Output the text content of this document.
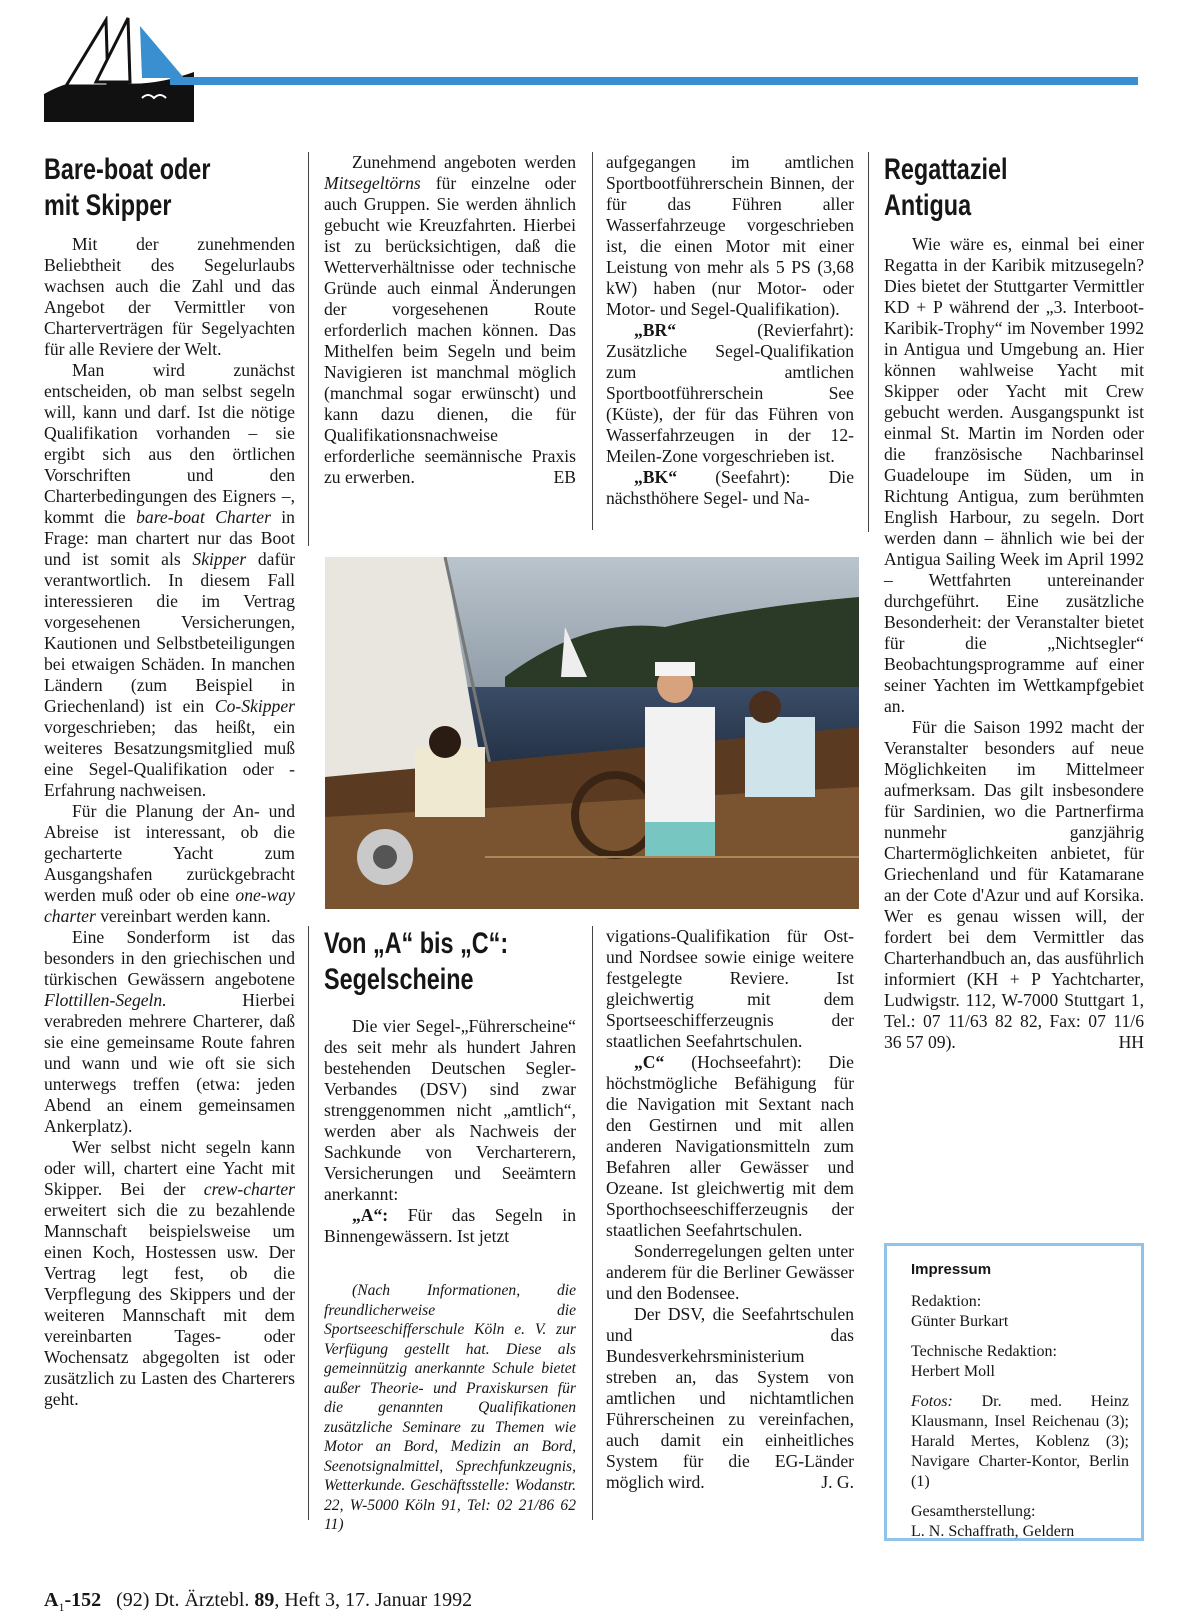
Bare-boat oder
mit Skipper

Mit der zunehmenden Beliebtheit des Segelurlaubs wachsen auch die Zahl und das Angebot der Vermittler von Charterverträgen für Segelyachten für alle Reviere der Welt.

Man wird zunächst entscheiden, ob man selbst segeln will, kann und darf. Ist die nötige Qualifikation vorhanden – sie ergibt sich aus den örtlichen Vorschriften und den Charterbedingungen des Eigners –, kommt die bare-boat Charter in Frage: man chartert nur das Boot und ist somit als Skipper dafür verantwortlich. In diesem Fall interessieren die im Vertrag vorgesehenen Versicherungen, Kautionen und Selbstbeteiligungen bei etwaigen Schäden. In manchen Ländern (zum Beispiel in Griechenland) ist ein Co-Skipper vorgeschrieben; das heißt, ein weiteres Besatzungsmitglied muß eine Segel-Qualifikation oder -Erfahrung nachweisen.

Für die Planung der An- und Abreise ist interessant, ob die gecharterte Yacht zum Ausgangshafen zurückgebracht werden muß oder ob eine one-way charter vereinbart werden kann.

Eine Sonderform ist das besonders in den griechischen und türkischen Gewässern angebotene Flottillen-Segeln. Hierbei verabreden mehrere Charterer, daß sie eine gemeinsame Route fahren und wann und wie oft sie sich unterwegs treffen (etwa: jeden Abend an einem gemeinsamen Ankerplatz).

Wer selbst nicht segeln kann oder will, chartert eine Yacht mit Skipper. Bei der crew-charter erweitert sich die zu bezahlende Mannschaft beispielsweise um einen Koch, Hostessen usw. Der Vertrag legt fest, ob die Verpflegung des Skippers und der weiteren Mannschaft mit dem vereinbarten Tages- oder Wochensatz abgegolten ist oder zusätzlich zu Lasten des Charterers geht.

Zunehmend angeboten werden Mitsegeltörns für einzelne oder auch Gruppen. Sie werden ähnlich gebucht wie Kreuzfahrten. Hierbei ist zu berücksichtigen, daß die Wetterverhältnisse oder technische Gründe auch einmal Änderungen der vorgesehenen Route erforderlich machen können. Das Mithelfen beim Segeln und beim Navigieren ist manchmal möglich (manchmal sogar erwünscht) und kann dazu dienen, die für Qualifikationsnachweise erforderliche seemännische Praxis zu erwerben.	EB

aufgegangen im amtlichen Sportbootführerschein Binnen, der für das Führen aller Wasserfahrzeuge vorgeschrieben ist, die einen Motor mit einer Leistung von mehr als 5 PS (3,68 kW) haben (nur Motor- oder Motor- und Segel-Qualifikation).

„BR“ (Revierfahrt): Zusätzliche Segel-Qualifikation zum amtlichen Sportbootführerschein See (Küste), der für das Führen von Wasserfahrzeugen in der 12-Meilen-Zone vorgeschrieben ist.

„BK“ (Seefahrt): Die nächsthöhere Segel- und Na-

Regattaziel
Antigua

Wie wäre es, einmal bei einer Regatta in der Karibik mitzusegeln? Dies bietet der Stuttgarter Vermittler KD + P während der „3. Interboot-Karibik-Trophy“ im November 1992 in Antigua und Umgebung an. Hier können wahlweise Yacht mit Skipper oder Yacht mit Crew gebucht werden. Ausgangspunkt ist einmal St. Martin im Norden oder die französische Nachbarinsel Guadeloupe im Süden, um in Richtung Antigua, zum berühmten English Harbour, zu segeln. Dort werden dann – ähnlich wie bei der Antigua Sailing Week im April 1992 – Wettfahrten untereinander durchgeführt. Eine zusätzliche Besonderheit: der Veranstalter bietet für die „Nichtsegler“ Beobachtungsprogramme auf einer seiner Yachten im Wettkampfgebiet an.

Für die Saison 1992 macht der Veranstalter besonders auf neue Möglichkeiten im Mittelmeer aufmerksam. Das gilt insbesondere für Sardinien, wo die Partnerfirma nunmehr ganzjährig Chartermöglichkeiten anbietet, für Griechenland und für Katamarane an der Cote d'Azur und auf Korsika. Wer es genau wissen will, der fordert bei dem Vermittler das Charterhandbuch an, das ausführlich informiert (KH + P Yachtcharter, Ludwigstr. 112, W-7000 Stuttgart 1, Tel.: 07 11/63 82 82, Fax: 07 11/6 36 57 09).	HH

Von „A“ bis „C“:
Segelscheine

Die vier Segel-„Führerscheine“ des seit mehr als hundert Jahren bestehenden Deutschen Segler-Verbandes (DSV) sind zwar strenggenommen nicht „amtlich“, werden aber als Nachweis der Sachkunde von Vercharterern, Versicherungen und Seeämtern anerkannt:

„A“: Für das Segeln in Binnengewässern. Ist jetzt

(Nach Informationen, die freundlicherweise die Sportseeschifferschule Köln e. V. zur Verfügung gestellt hat. Diese als gemeinnützig anerkannte Schule bietet außer Theorie- und Praxiskursen für die genannten Qualifikationen zusätzliche Seminare zu Themen wie Motor an Bord, Medizin an Bord, Seenotsignalmittel, Sprechfunkzeugnis, Wetterkunde. Geschäftsstelle: Wodanstr. 22, W-5000 Köln 91, Tel: 02 21/86 62 11)

vigations-Qualifikation für Ost- und Nordsee sowie einige weitere festgelegte Reviere. Ist gleichwertig mit dem Sportseeschifferzeugnis der staatlichen Seefahrtschulen.

„C“ (Hochseefahrt): Die höchstmögliche Befähigung für die Navigation mit Sextant nach den Gestirnen und mit allen anderen Navigationsmitteln zum Befahren aller Gewässer und Ozeane. Ist gleichwertig mit dem Sporthochseeschifferzeugnis der staatlichen Seefahrtschulen.

Sonderregelungen gelten unter anderem für die Berliner Gewässer und den Bodensee.

Der DSV, die Seefahrtschulen und das Bundesverkehrsministerium streben an, das System von amtlichen und nichtamtlichen Führerscheinen zu vereinfachen, auch damit ein einheitliches System für die EG-Länder möglich wird.	J. G.

Impressum
Redaktion:
Günter Burkart
Technische Redaktion:
Herbert Moll
Fotos: Dr. med. Heinz Klausmann, Insel Reichenau (3); Harald Mertes, Koblenz (3); Navigare Charter-Kontor, Berlin (1)
Gesamtherstellung:
L. N. Schaffrath, Geldern
$A_1-152$ (92) Dt. Ärztebl. 89, Heft 3, 17. Januar 1992
